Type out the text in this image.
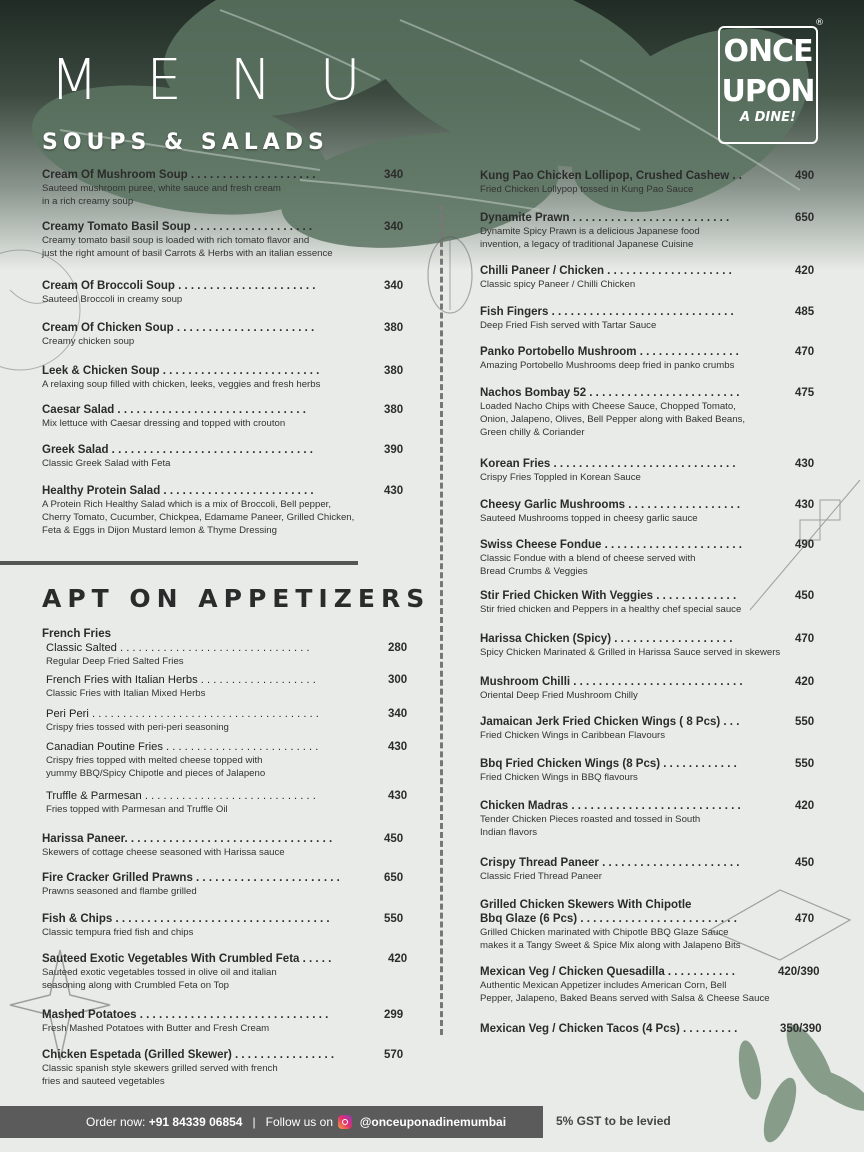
MENU
®
ONCE
UPON
A DINE!
SOUPS & SALADS
Cream Of Mushroom Soup . . . . . . . . . . . . . . . . . . . .	340
Sauteed mushroom puree, white sauce and fresh cream
in a rich creamy soup
Creamy Tomato Basil Soup . . . . . . . . . . . . . . . . . . .	340
Creamy tomato basil soup is loaded with rich tomato flavor and
just the right amount of basil Carrots & Herbs with an italian essence
Cream Of Broccoli Soup . . . . . . . . . . . . . . . . . . . . . .	340
Sauteed Broccoli in creamy soup
Cream Of Chicken Soup . . . . . . . . . . . . . . . . . . . . . .	380
Creamy chicken soup
Leek & Chicken Soup . . . . . . . . . . . . . . . . . . . . . . . . .	380
A relaxing soup filled with chicken, leeks, veggies and fresh herbs
Caesar Salad . . . . . . . . . . . . . . . . . . . . . . . . . . . . . .	380
Mix lettuce with Caesar dressing and topped with crouton
Greek Salad . . . . . . . . . . . . . . . . . . . . . . . . . . . . . . . .	390
Classic Greek Salad with Feta
Healthy Protein Salad . . . . . . . . . . . . . . . . . . . . . . . .	430
A Protein Rich Healthy Salad which is a mix of Broccoli, Bell pepper,
Cherry Tomato, Cucumber, Chickpea, Edamame Paneer, Grilled Chicken,
Feta & Eggs in Dijon Mustard lemon & Thyme Dressing
APT ON APPETIZERS
French Fries
Classic Salted . . . . . . . . . . . . . . . . . . . . . . . . . . . . . . .	280
Regular Deep Fried Salted Fries
French Fries with Italian Herbs . . . . . . . . . . . . . . . . . . .	300
Classic Fries with Italian Mixed Herbs
Peri Peri . . . . . . . . . . . . . . . . . . . . . . . . . . . . . . . . . . . . .	340
Crispy fries tossed with peri-peri seasoning
Canadian Poutine Fries . . . . . . . . . . . . . . . . . . . . . . . . .	430
Crispy fries topped with melted cheese topped with
yummy BBQ/Spicy Chipotle and pieces of Jalapeno
Truffle & Parmesan . . . . . . . . . . . . . . . . . . . . . . . . . . . .	430
Fries topped with Parmesan and Truffle Oil
Harissa Paneer. . . . . . . . . . . . . . . . . . . . . . . . . . . . . . . . .	450
Skewers of cottage cheese seasoned with Harissa sauce
Fire Cracker Grilled Prawns . . . . . . . . . . . . . . . . . . . . . . .	650
Prawns seasoned and flambe grilled
Fish & Chips . . . . . . . . . . . . . . . . . . . . . . . . . . . . . . . . . .	550
Classic tempura fried fish and chips
Sauteed Exotic Vegetables With Crumbled Feta . . . . .	420
Sauteed exotic vegetables tossed in olive oil and italian
seasoning along with Crumbled Feta on Top
Mashed Potatoes . . . . . . . . . . . . . . . . . . . . . . . . . . . . . .	299
Fresh Mashed Potatoes with Butter and Fresh Cream
Chicken Espetada (Grilled Skewer) . . . . . . . . . . . . . . . .	570
Classic spanish style skewers grilled served with french
fries and sauteed vegetables
Kung Pao Chicken Lollipop, Crushed Cashew . .	490
Fried Chicken Lollypop tossed in Kung Pao Sauce
Dynamite Prawn . . . . . . . . . . . . . . . . . . . . . . . . .	650
Dynamite Spicy Prawn is a delicious Japanese food
invention, a legacy of traditional Japanese Cuisine
Chilli Paneer / Chicken . . . . . . . . . . . . . . . . . . . .	420
Classic spicy Paneer / Chilli Chicken
Fish Fingers . . . . . . . . . . . . . . . . . . . . . . . . . . . . .	485
Deep Fried Fish served with Tartar Sauce
Panko Portobello Mushroom . . . . . . . . . . . . . . . .	470
Amazing Portobello Mushrooms deep fried in panko crumbs
Nachos Bombay 52 . . . . . . . . . . . . . . . . . . . . . . . .	475
Loaded Nacho Chips with Cheese Sauce, Chopped Tomato,
Onion, Jalapeno, Olives, Bell Pepper along with Baked Beans,
Green chilly & Coriander
Korean Fries . . . . . . . . . . . . . . . . . . . . . . . . . . . . .	430
Crispy Fries Toppled in Korean Sauce
Cheesy Garlic Mushrooms . . . . . . . . . . . . . . . . . .	430
Sauteed Mushrooms topped in cheesy garlic sauce
Swiss Cheese Fondue . . . . . . . . . . . . . . . . . . . . . .	490
Classic Fondue with a blend of cheese served with
Bread Crumbs & Veggies
Stir Fried Chicken With Veggies . . . . . . . . . . . . .	450
Stir fried chicken and Peppers in a healthy chef special sauce
Harissa Chicken (Spicy) . . . . . . . . . . . . . . . . . . .	470
Spicy Chicken Marinated & Grilled in Harissa Sauce served in skewers
Mushroom Chilli . . . . . . . . . . . . . . . . . . . . . . . . . . .	420
Oriental Deep Fried Mushroom Chilly
Jamaican Jerk Fried Chicken Wings ( 8 Pcs) . . .	550
Fried Chicken Wings in Caribbean Flavours
Bbq Fried Chicken Wings (8 Pcs) . . . . . . . . . . . .	550
Fried Chicken Wings in BBQ flavours
Chicken Madras . . . . . . . . . . . . . . . . . . . . . . . . . . .	420
Tender Chicken Pieces roasted and tossed in South
Indian flavors
Crispy Thread Paneer . . . . . . . . . . . . . . . . . . . . . .	450
Classic Fried Thread Paneer
Grilled Chicken Skewers With Chipotle
Bbq Glaze (6 Pcs) . . . . . . . . . . . . . . . . . . . . . . . . .	470
Grilled Chicken marinated with Chipotle BBQ Glaze Sauce
makes it a Tangy Sweet & Spice Mix along with Jalapeno Bits
Mexican Veg / Chicken Quesadilla . . . . . . . . . . .	420/390
Authentic Mexican Appetizer includes American Corn, Bell
Pepper, Jalapeno, Baked Beans served with Salsa & Cheese Sauce
Mexican Veg / Chicken Tacos (4 Pcs) . . . . . . . . .	350/390
Order now: +91 84339 06854 | Follow us on @onceuponadinemumbai	5% GST to be levied
